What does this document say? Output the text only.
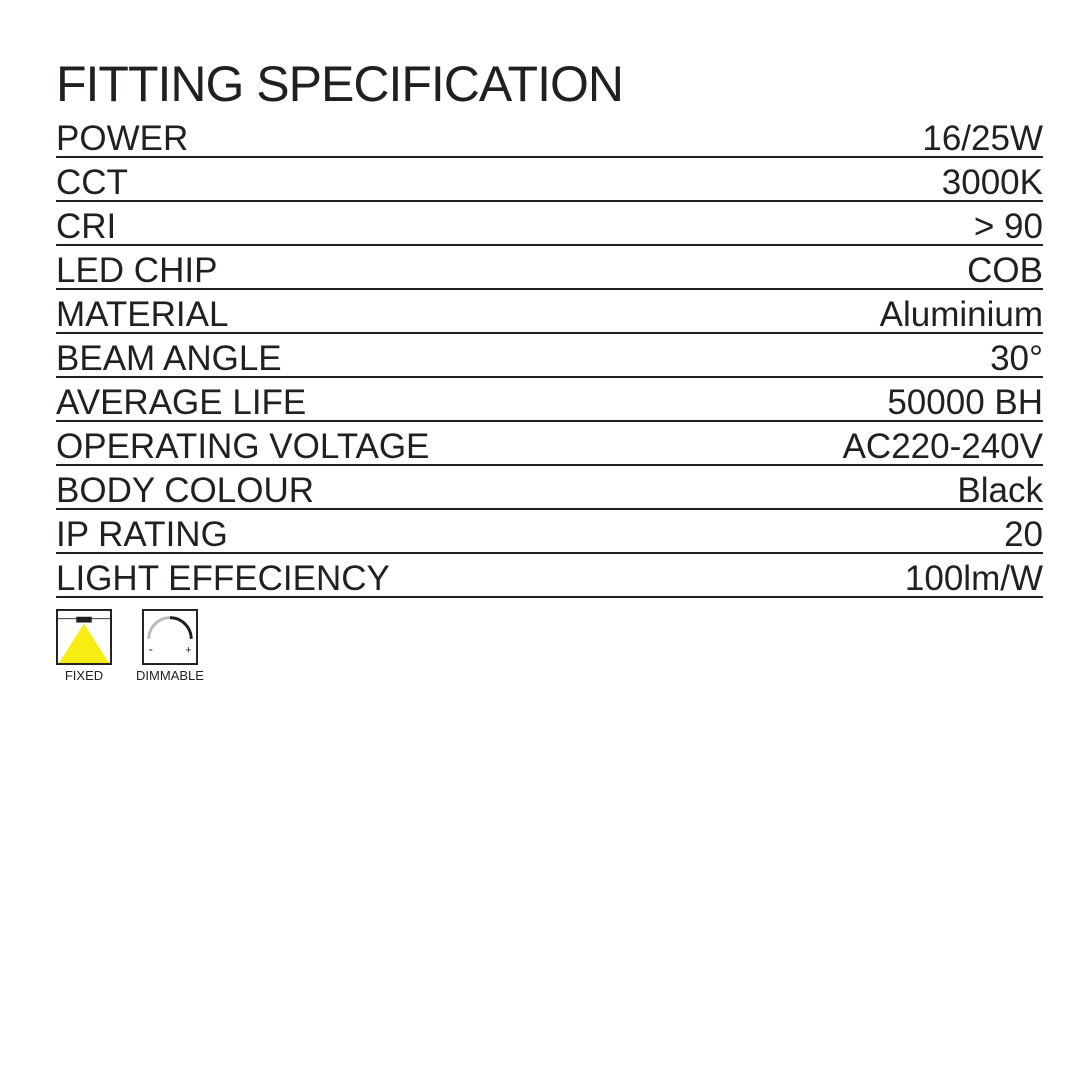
FITTING SPECIFICATION
POWER	16/25W
CCT	3000K
CRI	> 90
LED CHIP	COB
MATERIAL	Aluminium
BEAM ANGLE	30°
AVERAGE LIFE	50000 BH
OPERATING VOLTAGE	AC220-240V
BODY COLOUR	Black
IP RATING	20
LIGHT EFFECIENCY	100lm/W
FIXED
-	+
DIMMABLE
